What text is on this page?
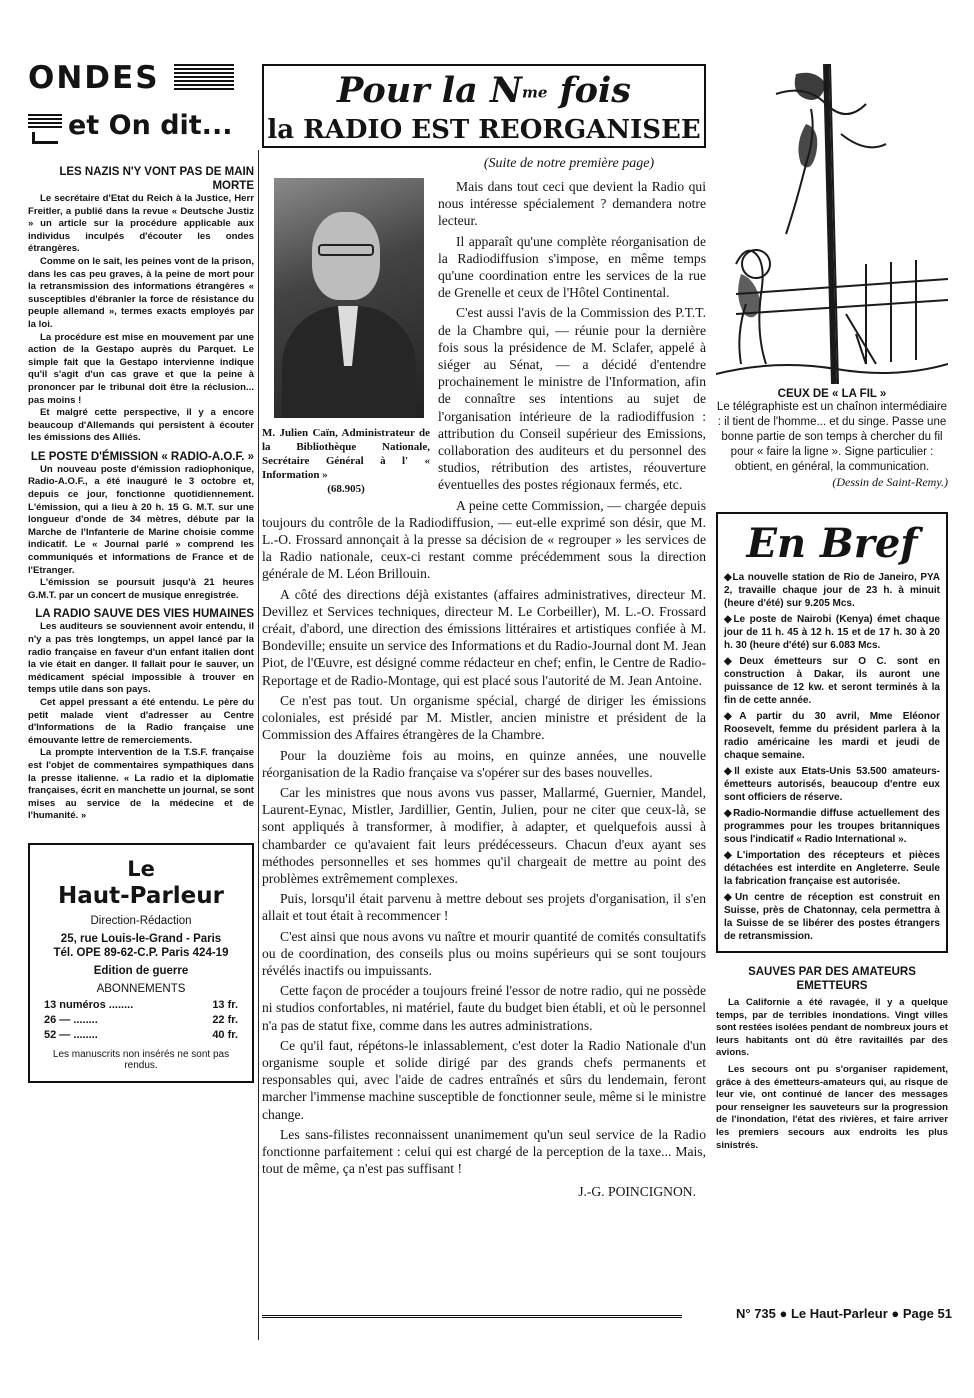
ONDES
et On dit...
LES NAZIS N'Y VONT PAS DE MAIN MORTE

Le secrétaire d'Etat du Reich à la Justice, Herr Freitler, a publié dans la revue « Deutsche Justiz » un article sur la procédure applicable aux individus inculpés d'écouter les ondes étrangères.

Comme on le sait, les peines vont de la prison, dans les cas peu graves, à la peine de mort pour la retransmission des informations étrangères « susceptibles d'ébranler la force de résistance du peuple allemand », termes exacts employés par la loi.

La procédure est mise en mouvement par une action de la Gestapo auprès du Parquet. Le simple fait que la Gestapo intervienne indique qu'il s'agit d'un cas grave et que la peine à prononcer par le tribunal doit être la réclusion... pas moins !

Et malgré cette perspective, il y a encore beaucoup d'Allemands qui persistent à écouter les émissions des Alliés.

LE POSTE D'ÉMISSION « RADIO-A.O.F. »

Un nouveau poste d'émission radiophonique, Radio-A.O.F., a été inauguré le 3 octobre et, depuis ce jour, fonctionne quotidiennement. L'émission, qui a lieu à 20 h. 15 G. M.T. sur une longueur d'onde de 34 mètres, débute par la Marche de l'Infanterie de Marine choisie comme indicatif. Le « Journal parlé » comprend les communiqués et informations de France et de l'Etranger.

L'émission se poursuit jusqu'à 21 heures G.M.T. par un concert de musique enregistrée.

LA RADIO SAUVE DES VIES HUMAINES

Les auditeurs se souviennent avoir entendu, il n'y a pas très longtemps, un appel lancé par la radio française en faveur d'un enfant italien dont la vie était en danger. Il fallait pour le sauver, un médicament spécial impossible à trouver en temps utile dans son pays.

Cet appel pressant a été entendu. Le père du petit malade vient d'adresser au Centre d'Informations de la Radio française une émouvante lettre de remerciements.

La prompte intervention de la T.S.F. française est l'objet de commentaires sympathiques dans la presse italienne. « La radio et la diplomatie françaises, écrit en manchette un journal, se sont mises au service de la médecine et de l'humanité. »

Le
Haut-Parleur
Direction-Rédaction
25, rue Louis-le-Grand - Paris
Tél. OPE 89-62-C.P. Paris 424-19
Edition de guerre
ABONNEMENTS
13 numéros ........	13 fr.
26 — ........	22 fr.
52 — ........	40 fr.
Les manuscrits non insérés ne sont pas rendus.
Pour la Nme fois
la RADIO EST REORGANISEE
(Suite de notre première page)
M. Julien Caïn, Administrateur de la Bibliothèque Nationale, Secrétaire Général à l' « Information »
(68.905)

Mais dans tout ceci que devient la Radio qui nous intéresse spécialement ? demandera notre lecteur.

Il apparaît qu'une complète réorganisation de la Radiodiffusion s'impose, en même temps qu'une coordination entre les services de la rue de Grenelle et ceux de l'Hôtel Continental.

C'est aussi l'avis de la Commission des P.T.T. de la Chambre qui, — réunie pour la dernière fois sous la présidence de M. Sclafer, appelé à siéger au Sénat, — a décidé d'entendre prochainement le ministre de l'Information, afin de connaître ses intentions au sujet de l'organisation intérieure de la radiodiffusion : attribution du Conseil supérieur des Emissions, collaboration des auditeurs et du personnel des studios, rétribution des artistes, réouverture éventuelles des postes régionaux fermés, etc.

A peine cette Commission, — chargée depuis toujours du contrôle de la Radiodiffusion, — eut-elle exprimé son désir, que M. L.-O. Frossard annonçait à la presse sa décision de « regrouper » les services de la Radio nationale, ceux-ci restant comme précédemment sous la direction générale de M. Léon Brillouin.

A côté des directions déjà existantes (affaires administratives, directeur M. Devillez et Services techniques, directeur M. Le Corbeiller), M. L.-O. Frossard créait, d'abord, une direction des émissions littéraires et artistiques confiée à M. Bondeville; ensuite un service des Informations et du Radio-Journal dont M. Jean Piot, de l'Œuvre, est désigné comme rédacteur en chef; enfin, le Centre de Radio-Reportage et de Radio-Montage, qui est placé sous l'autorité de M. Jean Antoine.

Ce n'est pas tout. Un organisme spécial, chargé de diriger les émissions coloniales, est présidé par M. Mistler, ancien ministre et président de la Commission des Affaires étrangères de la Chambre.

Pour la douzième fois au moins, en quinze années, une nouvelle réorganisation de la Radio française va s'opérer sur des bases nouvelles.

Car les ministres que nous avons vus passer, Mallarmé, Guernier, Mandel, Laurent-Eynac, Mistler, Jardillier, Gentin, Julien, pour ne citer que ceux-là, se sont appliqués à transformer, à modifier, à adapter, et quelquefois aussi à chambarder ce qu'avaient fait leurs prédécesseurs. Chacun d'eux ayant ses méthodes personnelles et ses hommes qu'il chargeait de mettre au point des problèmes extrêmement complexes.

Puis, lorsqu'il était parvenu à mettre debout ses projets d'organisation, il s'en allait et tout était à recommencer !

C'est ainsi que nous avons vu naître et mourir quantité de comités consultatifs ou de coordination, des conseils plus ou moins supérieurs qui se sont toujours révélés inactifs ou impuissants.

Cette façon de procéder a toujours freiné l'essor de notre radio, qui ne possède ni studios confortables, ni matériel, faute du budget bien établi, et où le personnel n'a pas de statut fixe, comme dans les autres administrations.

Ce qu'il faut, répétons-le inlassablement, c'est doter la Radio Nationale d'un organisme souple et solide dirigé par des grands chefs permanents et responsables qui, avec l'aide de cadres entraînés et sûrs du lendemain, feront marcher l'immense machine susceptible de fonctionner seule, même si le ministre change.

Les sans-filistes reconnaissent unanimement qu'un seul service de la Radio fonctionne parfaitement : celui qui est chargé de la perception de la taxe... Mais, tout de même, ça n'est pas suffisant !

J.-G. POINCIGNON.
CEUX DE « LA FIL »

Le télégraphiste est un chaînon intermédiaire : il tient de l'homme... et du singe. Passe une bonne partie de son temps à chercher du fil pour « faire la ligne ». Signe particulier : obtient, en général, la communication.

(Dessin de Saint-Remy.)

En Bref

◆ La nouvelle station de Rio de Janeiro, PYA 2, travaille chaque jour de 23 h. à minuit (heure d'été) sur 9.205 Mcs.

◆ Le poste de Nairobi (Kenya) émet chaque jour de 11 h. 45 à 12 h. 15 et de 17 h. 30 à 20 h. 30 (heure d'été) sur 6.083 Mcs.

◆ Deux émetteurs sur O C. sont en construction à Dakar, ils auront une puissance de 12 kw. et seront terminés à la fin de cette année.

◆ A partir du 30 avril, Mme Eléonor Roosevelt, femme du président parlera à la radio américaine les mardi et jeudi de chaque semaine.

◆ Il existe aux Etats-Unis 53.500 amateurs-émetteurs autorisés, beaucoup d'entre eux sont officiers de réserve.

◆ Radio-Normandie diffuse actuellement des programmes pour les troupes britanniques sous l'indicatif « Radio International ».

◆ L'importation des récepteurs et pièces détachées est interdite en Angleterre. Seule la fabrication française est autorisée.

◆ Un centre de réception est construit en Suisse, près de Chatonnay, cela permettra à la Suisse de se libérer des postes étrangers de retransmission.

SAUVES PAR DES AMATEURS EMETTEURS

La Californie a été ravagée, il y a quelque temps, par de terribles inondations. Vingt villes sont restées isolées pendant de nombreux jours et leurs habitants ont dû être ravitaillés par des avions.

Les secours ont pu s'organiser rapidement, grâce à des émetteurs-amateurs qui, au risque de leur vie, ont continué de lancer des messages pour renseigner les sauveteurs sur la progression de l'inondation, l'état des rivières, et faire arriver les premiers secours aux endroits les plus sinistrés.

N° 735 ● Le Haut-Parleur ● Page 51
